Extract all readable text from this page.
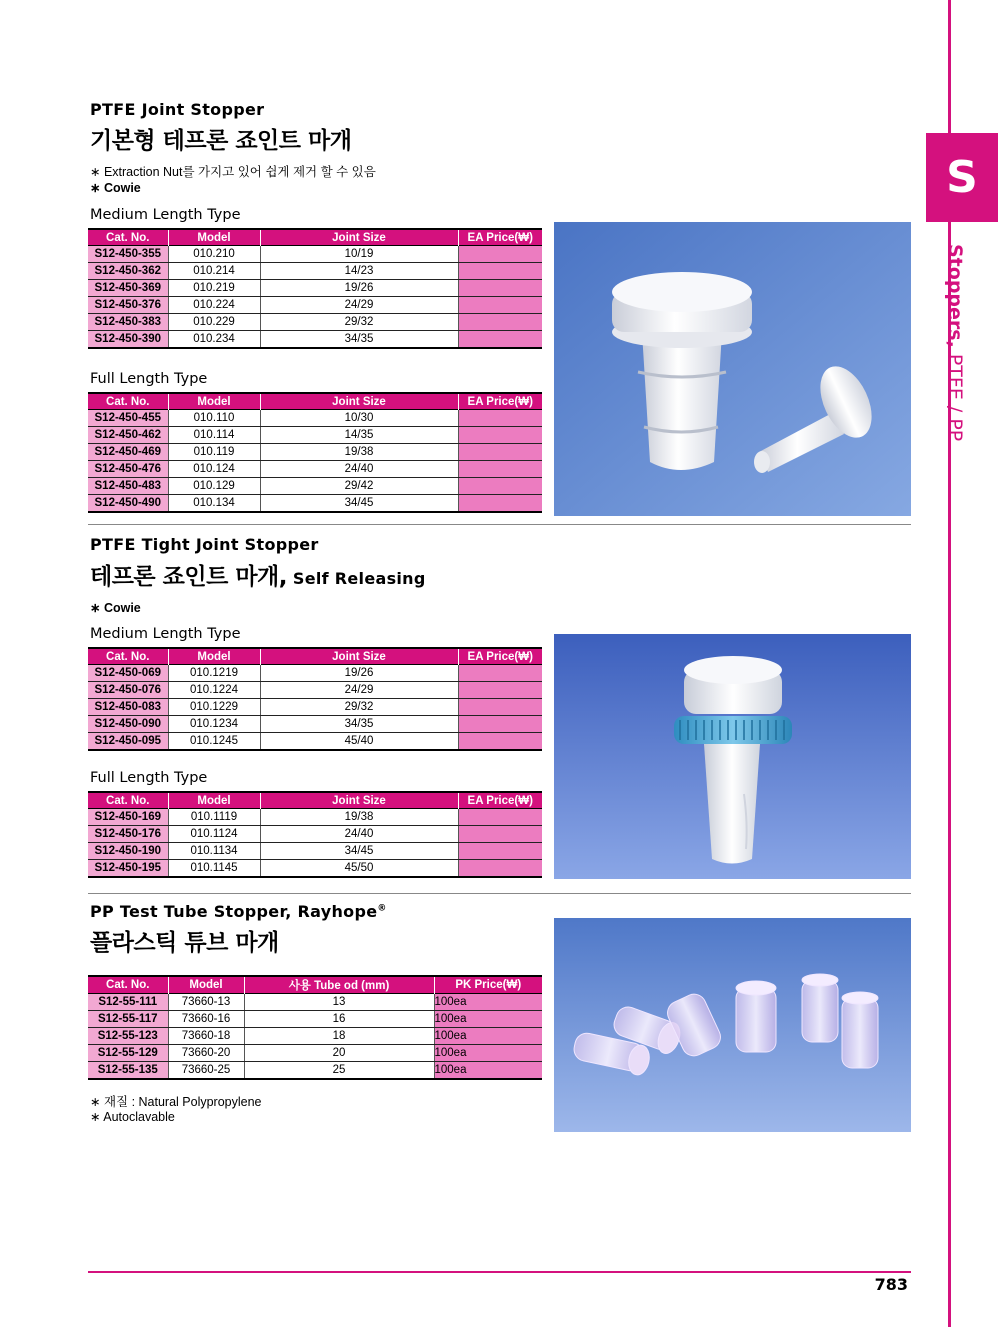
S
Stoppers, PTFE / PP
PTFE Joint Stopper
기본형 테프론 죠인트 마개
∗ Extraction Nut를 가지고 있어 쉽게 제거 할 수 있음
∗ Cowie
Medium Length Type
Cat. No.	Model	Joint Size	EA Price(₩)
S12-450-355	010.210	10/19	
S12-450-362	010.214	14/23	
S12-450-369	010.219	19/26	
S12-450-376	010.224	24/29	
S12-450-383	010.229	29/32	
S12-450-390	010.234	34/35	
Full Length Type
Cat. No.	Model	Joint Size	EA Price(₩)
S12-450-455	010.110	10/30	
S12-450-462	010.114	14/35	
S12-450-469	010.119	19/38	
S12-450-476	010.124	24/40	
S12-450-483	010.129	29/42	
S12-450-490	010.134	34/45	
PTFE Tight Joint Stopper
테프론 죠인트 마개, Self Releasing
∗ Cowie
Medium Length Type
Cat. No.	Model	Joint Size	EA Price(₩)
S12-450-069	010.1219	19/26	
S12-450-076	010.1224	24/29	
S12-450-083	010.1229	29/32	
S12-450-090	010.1234	34/35	
S12-450-095	010.1245	45/40	
Full Length Type
Cat. No.	Model	Joint Size	EA Price(₩)
S12-450-169	010.1119	19/38	
S12-450-176	010.1124	24/40	
S12-450-190	010.1134	34/45	
S12-450-195	010.1145	45/50	
PP Test Tube Stopper, Rayhope®
플라스틱 튜브 마개
Cat. No.	Model	사용 Tube od (mm)	PK Price(₩)
S12-55-111	73660-13	13	100ea
S12-55-117	73660-16	16	100ea
S12-55-123	73660-18	18	100ea
S12-55-129	73660-20	20	100ea
S12-55-135	73660-25	25	100ea
∗ 재질 : Natural Polypropylene
∗ Autoclavable
783
